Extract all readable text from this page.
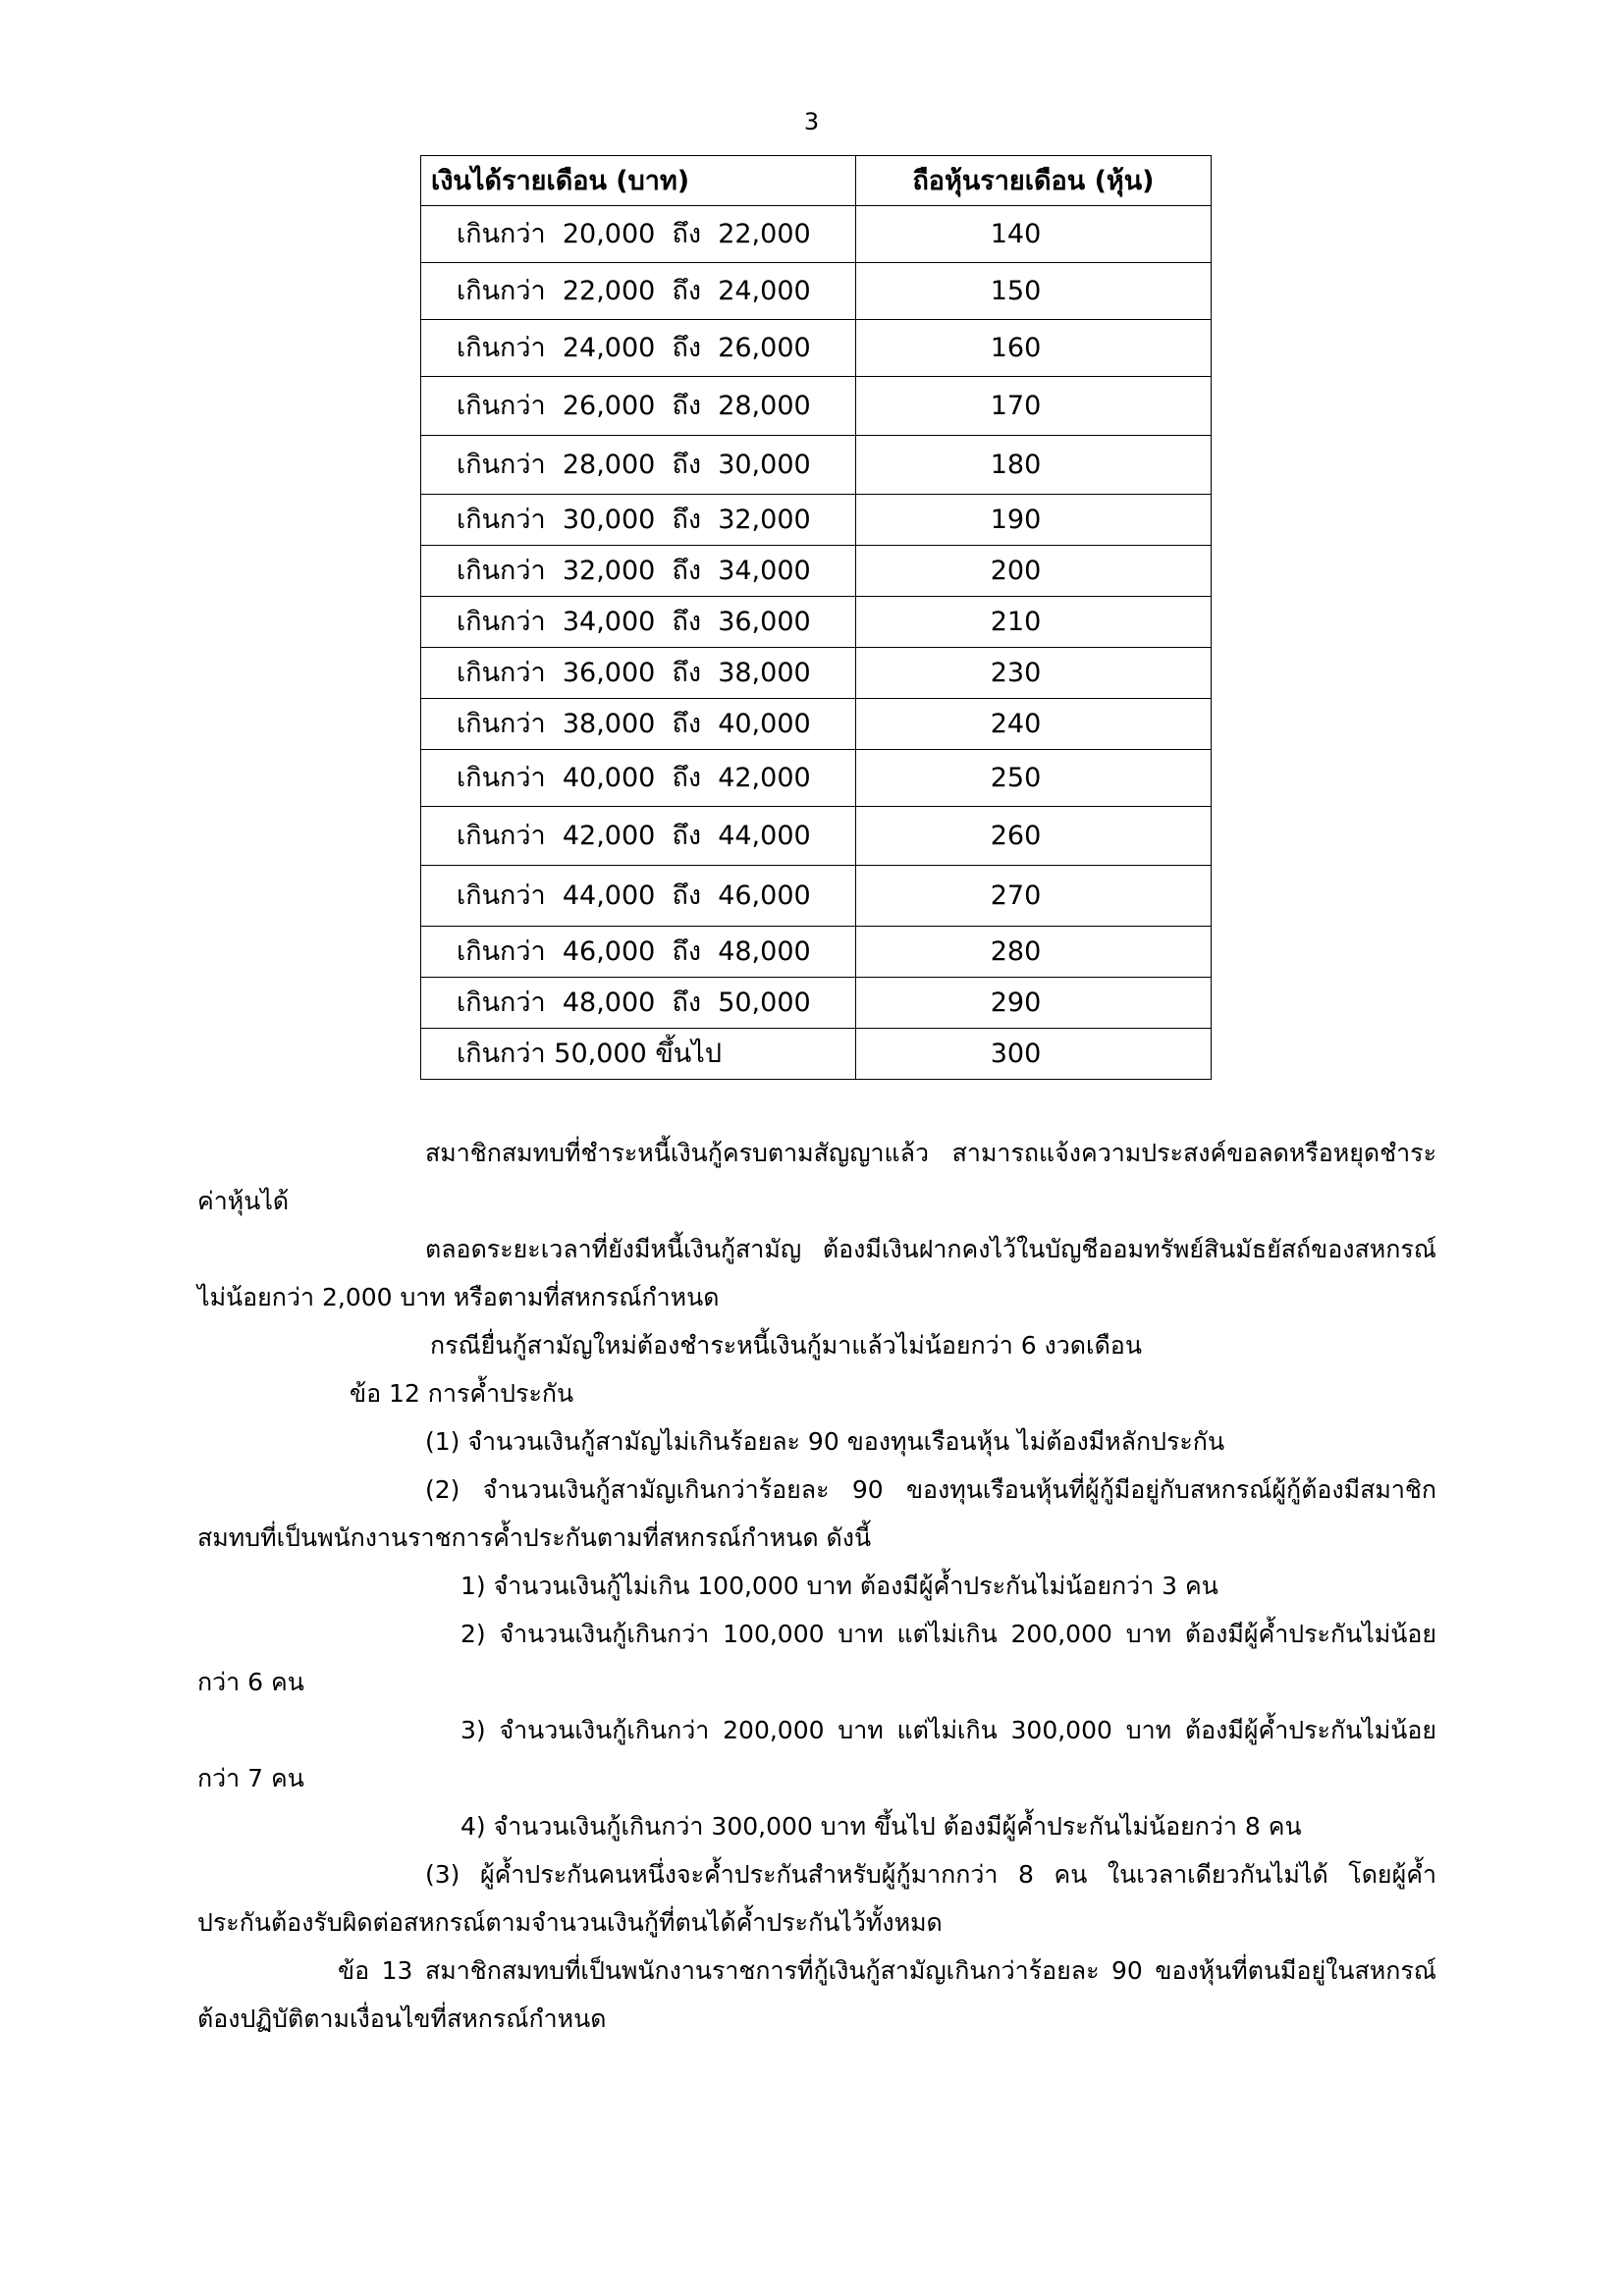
3
เงินได้รายเดือน (บาท)	ถือหุ้นรายเดือน (หุ้น)
เกินกว่า  20,000  ถึง  22,000	140
เกินกว่า  22,000  ถึง  24,000	150
เกินกว่า  24,000  ถึง  26,000	160
เกินกว่า  26,000  ถึง  28,000	170
เกินกว่า  28,000  ถึง  30,000	180
เกินกว่า  30,000  ถึง  32,000	190
เกินกว่า  32,000  ถึง  34,000	200
เกินกว่า  34,000  ถึง  36,000	210
เกินกว่า  36,000  ถึง  38,000	230
เกินกว่า  38,000  ถึง  40,000	240
เกินกว่า  40,000  ถึง  42,000	250
เกินกว่า  42,000  ถึง  44,000	260
เกินกว่า  44,000  ถึง  46,000	270
เกินกว่า  46,000  ถึง  48,000	280
เกินกว่า  48,000  ถึง  50,000	290
เกินกว่า 50,000 ขึ้นไป	300

สมาชิกสมทบที่ชำระหนี้เงินกู้ครบตามสัญญาแล้ว สามารถแจ้งความประสงค์ขอลดหรือหยุดชำระค่าหุ้นได้

ตลอดระยะเวลาที่ยังมีหนี้เงินกู้สามัญ ต้องมีเงินฝากคงไว้ในบัญชีออมทรัพย์สินมัธยัสถ์ของสหกรณ์ไม่น้อยกว่า 2,000 บาท หรือตามที่สหกรณ์กำหนด

กรณียื่นกู้สามัญใหม่ต้องชำระหนี้เงินกู้มาแล้วไม่น้อยกว่า 6 งวดเดือน

ข้อ 12 การค้ำประกัน

(1) จำนวนเงินกู้สามัญไม่เกินร้อยละ 90 ของทุนเรือนหุ้น ไม่ต้องมีหลักประกัน

(2) จำนวนเงินกู้สามัญเกินกว่าร้อยละ 90 ของทุนเรือนหุ้นที่ผู้กู้มีอยู่กับสหกรณ์ผู้กู้ต้องมีสมาชิกสมทบที่เป็นพนักงานราชการค้ำประกันตามที่สหกรณ์กำหนด ดังนี้

1) จำนวนเงินกู้ไม่เกิน 100,000 บาท ต้องมีผู้ค้ำประกันไม่น้อยกว่า 3 คน

2) จำนวนเงินกู้เกินกว่า 100,000 บาท แต่ไม่เกิน 200,000 บาท ต้องมีผู้ค้ำประกันไม่น้อยกว่า 6 คน

3) จำนวนเงินกู้เกินกว่า 200,000 บาท แต่ไม่เกิน 300,000 บาท ต้องมีผู้ค้ำประกันไม่น้อยกว่า 7 คน

4) จำนวนเงินกู้เกินกว่า 300,000 บาท ขึ้นไป ต้องมีผู้ค้ำประกันไม่น้อยกว่า 8 คน

(3) ผู้ค้ำประกันคนหนึ่งจะค้ำประกันสำหรับผู้กู้มากกว่า 8 คน ในเวลาเดียวกันไม่ได้ โดยผู้ค้ำประกันต้องรับผิดต่อสหกรณ์ตามจำนวนเงินกู้ที่ตนได้ค้ำประกันไว้ทั้งหมด

ข้อ 13 สมาชิกสมทบที่เป็นพนักงานราชการที่กู้เงินกู้สามัญเกินกว่าร้อยละ 90 ของหุ้นที่ตนมีอยู่ในสหกรณ์ต้องปฏิบัติตามเงื่อนไขที่สหกรณ์กำหนด
